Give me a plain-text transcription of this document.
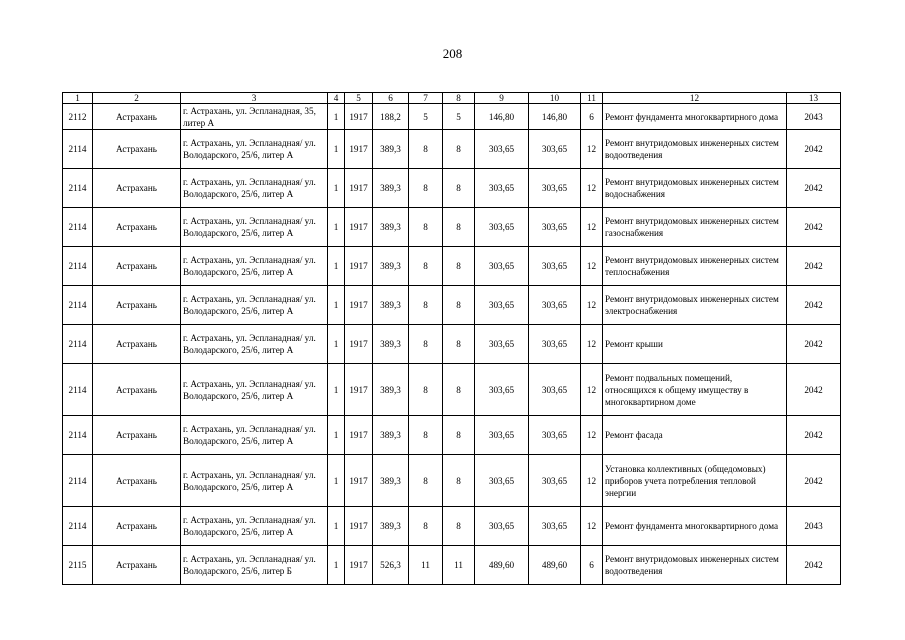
208
1	2	3	4	5	6	7	8	9	10	11	12	13
2112	Астрахань	г. Астрахань, ул. Эспланадная, 35, литер А	1	1917	188,2	5	5	146,80	146,80	6	Ремонт фундамента многоквартирного дома	2043
2114	Астрахань	г. Астрахань, ул. Эспланадная/ ул. Володарского, 25/6, литер А	1	1917	389,3	8	8	303,65	303,65	12	Ремонт внутридомовых инженерных систем водоотведения	2042
2114	Астрахань	г. Астрахань, ул. Эспланадная/ ул. Володарского, 25/6, литер А	1	1917	389,3	8	8	303,65	303,65	12	Ремонт внутридомовых инженерных систем водоснабжения	2042
2114	Астрахань	г. Астрахань, ул. Эспланадная/ ул. Володарского, 25/6, литер А	1	1917	389,3	8	8	303,65	303,65	12	Ремонт внутридомовых инженерных систем газоснабжения	2042
2114	Астрахань	г. Астрахань, ул. Эспланадная/ ул. Володарского, 25/6, литер А	1	1917	389,3	8	8	303,65	303,65	12	Ремонт внутридомовых инженерных систем теплоснабжения	2042
2114	Астрахань	г. Астрахань, ул. Эспланадная/ ул. Володарского, 25/6, литер А	1	1917	389,3	8	8	303,65	303,65	12	Ремонт внутридомовых инженерных систем электроснабжения	2042
2114	Астрахань	г. Астрахань, ул. Эспланадная/ ул. Володарского, 25/6, литер А	1	1917	389,3	8	8	303,65	303,65	12	Ремонт крыши	2042
2114	Астрахань	г. Астрахань, ул. Эспланадная/ ул. Володарского, 25/6, литер А	1	1917	389,3	8	8	303,65	303,65	12	Ремонт подвальных помещений, относящихся к общему имуществу в многоквартирном доме	2042
2114	Астрахань	г. Астрахань, ул. Эспланадная/ ул. Володарского, 25/6, литер А	1	1917	389,3	8	8	303,65	303,65	12	Ремонт фасада	2042
2114	Астрахань	г. Астрахань, ул. Эспланадная/ ул. Володарского, 25/6, литер А	1	1917	389,3	8	8	303,65	303,65	12	Установка коллективных (общедомовых) приборов учета потребления тепловой энергии	2042
2114	Астрахань	г. Астрахань, ул. Эспланадная/ ул. Володарского, 25/6, литер А	1	1917	389,3	8	8	303,65	303,65	12	Ремонт фундамента многоквартирного дома	2043
2115	Астрахань	г. Астрахань, ул. Эспланадная/ ул. Володарского, 25/6, литер Б	1	1917	526,3	11	11	489,60	489,60	6	Ремонт внутридомовых инженерных систем водоотведения	2042
